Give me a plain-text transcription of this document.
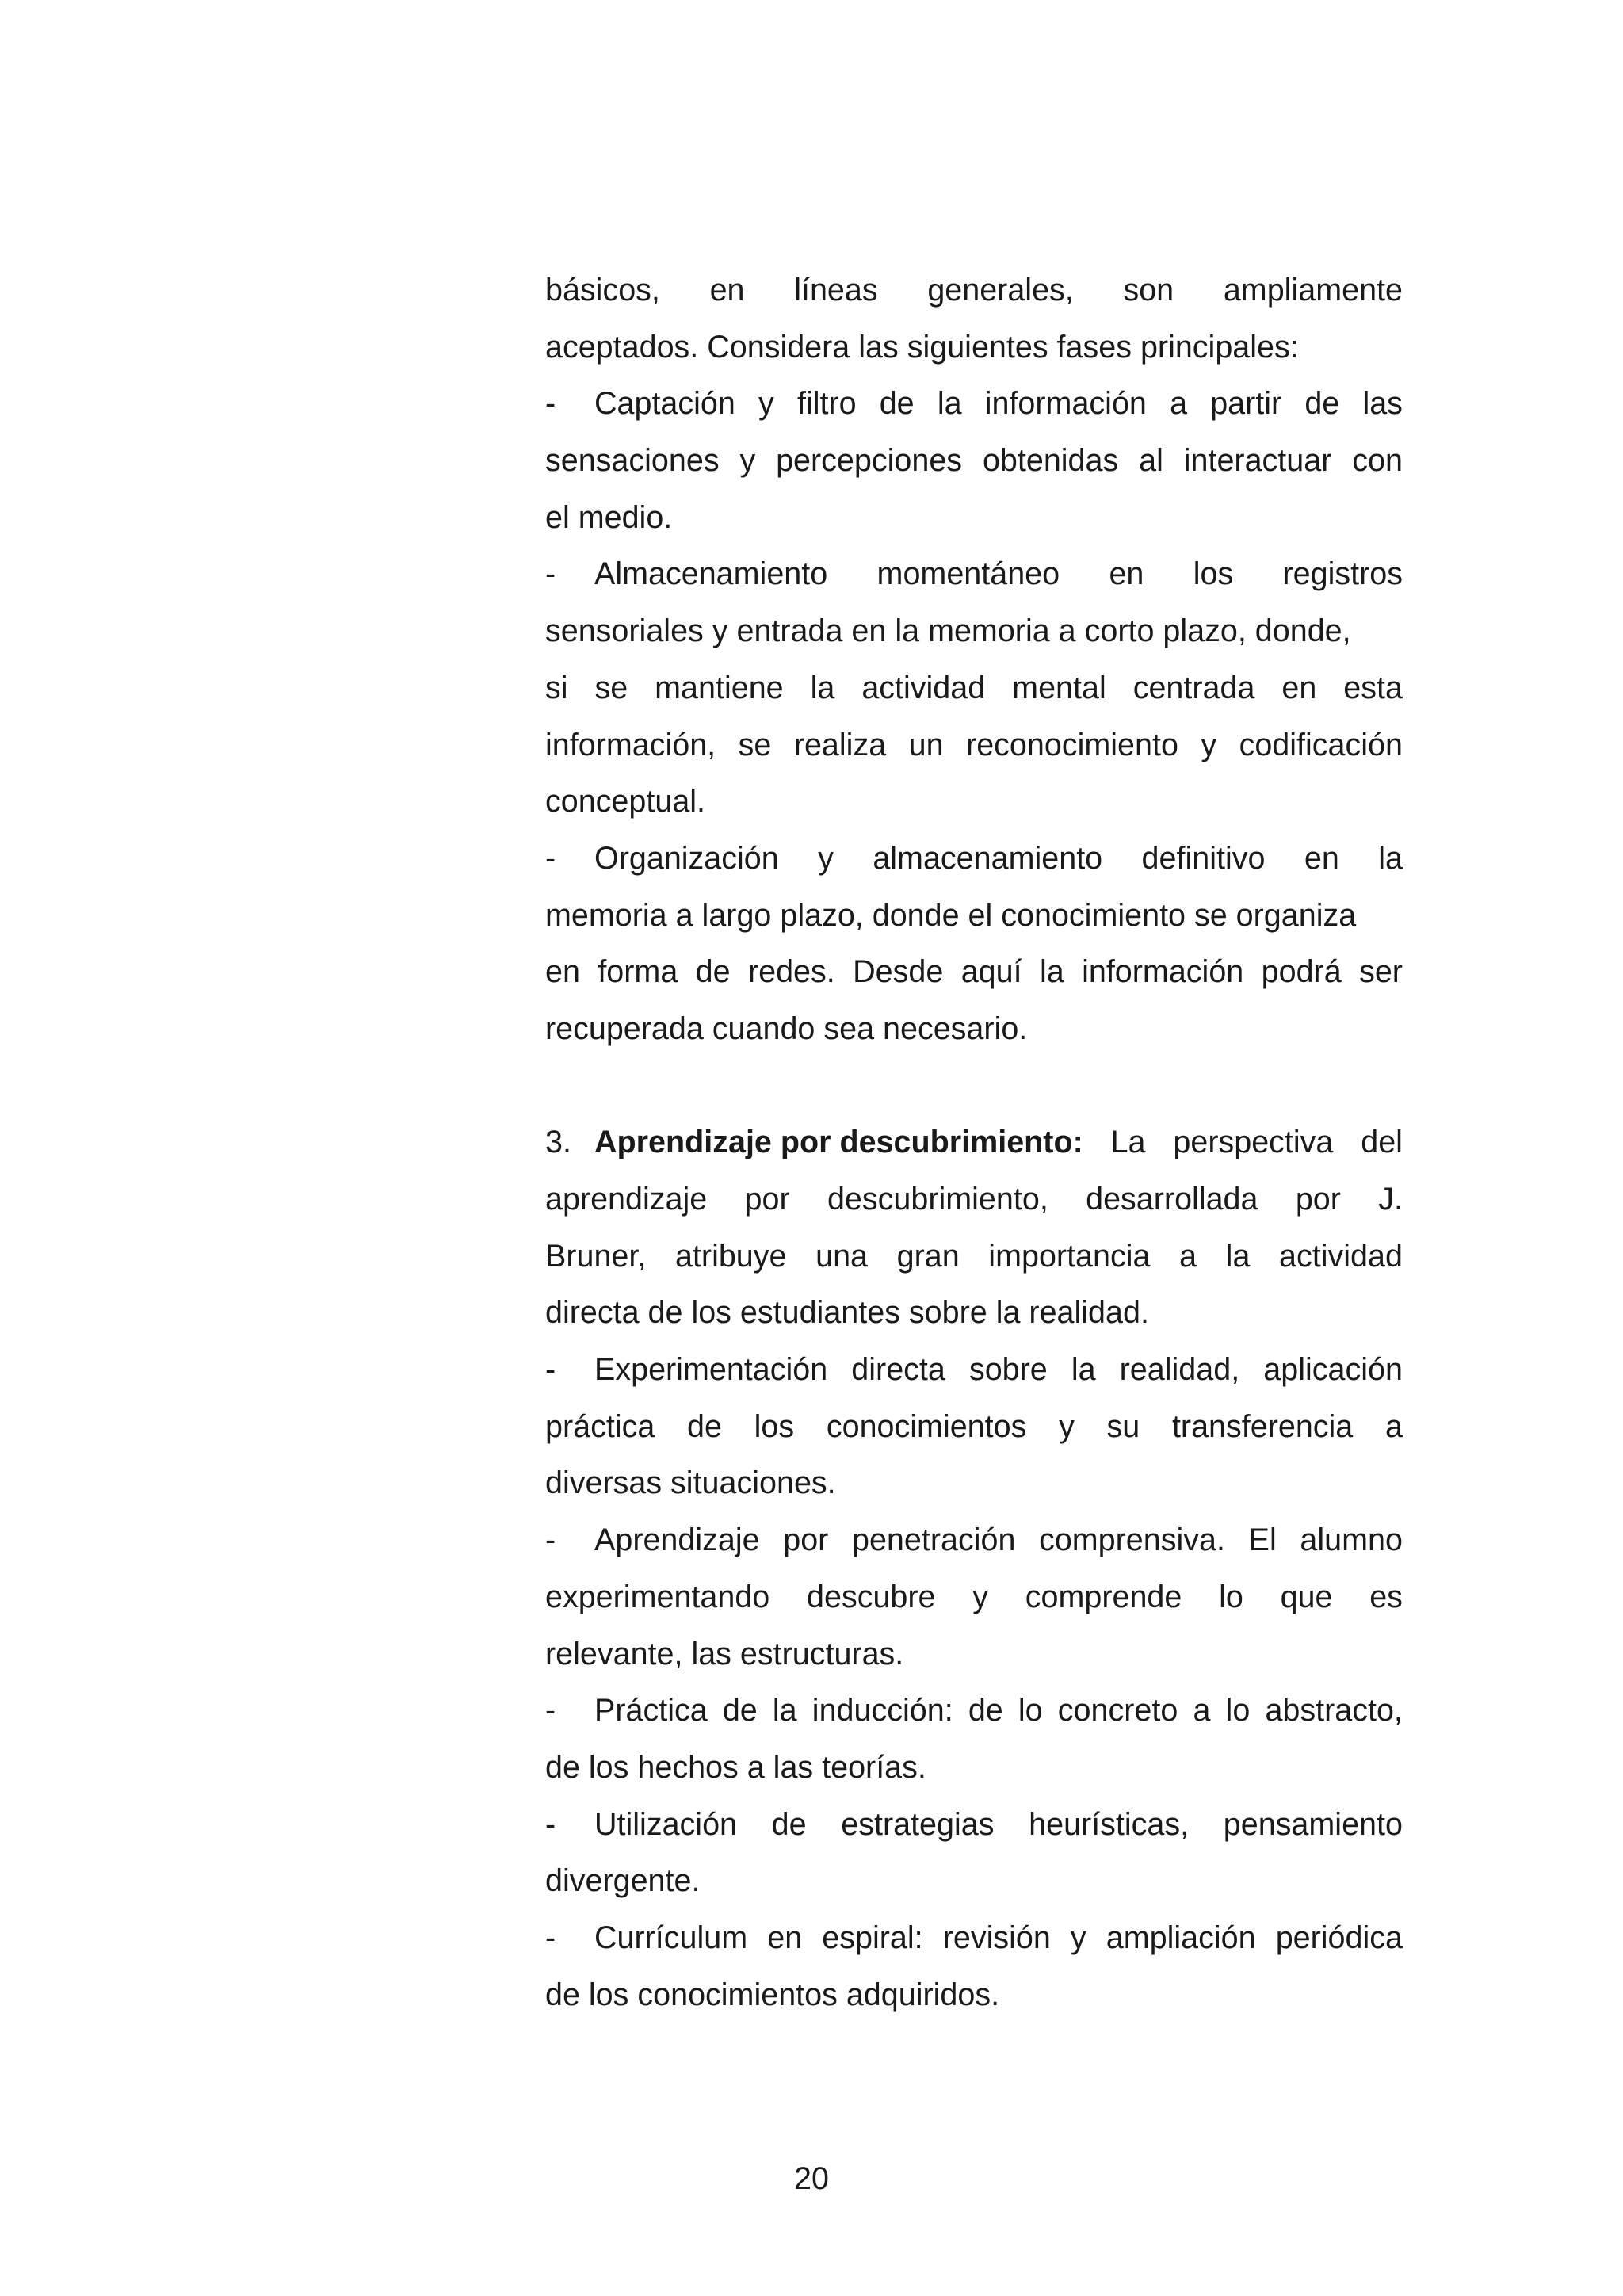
básicos, en líneas generales, son ampliamente
aceptados. Considera las siguientes fases principales:
- Captación y filtro de la información a partir de las
sensaciones y percepciones obtenidas al interactuar con
el medio.
- Almacenamiento momentáneo en los registros
sensoriales y entrada en la memoria a corto plazo, donde,
si se mantiene la actividad mental centrada en esta
información, se realiza un reconocimiento y codificación
conceptual.
- Organización y almacenamiento definitivo en la
memoria a largo plazo, donde el conocimiento se organiza
en forma de redes. Desde aquí la información podrá ser
recuperada cuando sea necesario.
3. Aprendizaje por descubrimiento: La perspectiva del
aprendizaje por descubrimiento, desarrollada por J.
Bruner, atribuye una gran importancia a la actividad
directa de los estudiantes sobre la realidad.
- Experimentación directa sobre la realidad, aplicación
práctica de los conocimientos y su transferencia a
diversas situaciones.
- Aprendizaje por penetración comprensiva. El alumno
experimentando descubre y comprende lo que es
relevante, las estructuras.
- Práctica de la inducción: de lo concreto a lo abstracto,
de los hechos a las teorías.
- Utilización de estrategias heurísticas, pensamiento
divergente.
- Currículum en espiral: revisión y ampliación periódica
de los conocimientos adquiridos.
20
